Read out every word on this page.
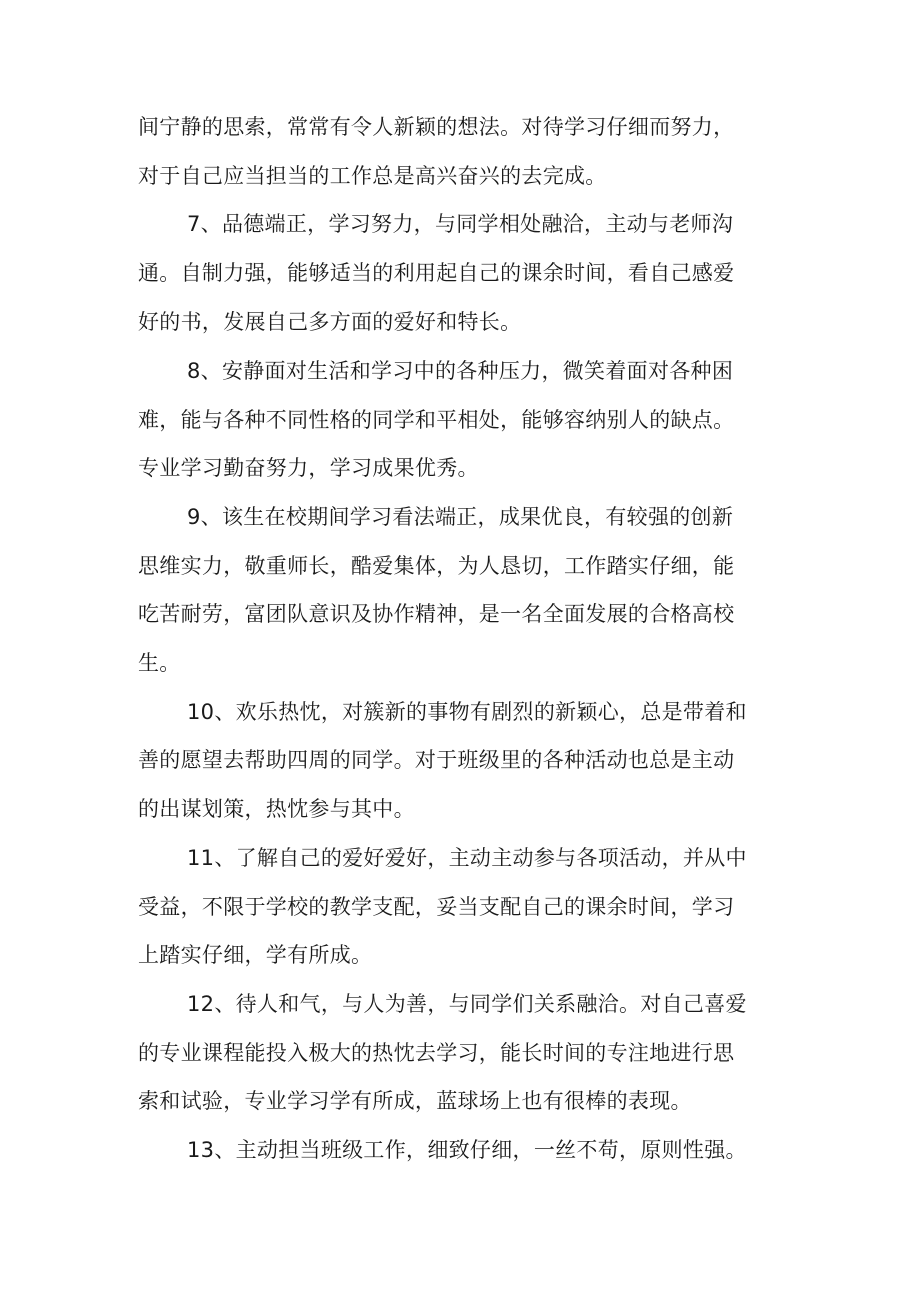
间宁静的思索，常常有令人新颖的想法。对待学习仔细而努力，

对于自己应当担当的工作总是高兴奋兴的去完成。

7、品德端正，学习努力，与同学相处融洽，主动与老师沟

通。自制力强，能够适当的利用起自己的课余时间，看自己感爱

好的书，发展自己多方面的爱好和特长。

8、安静面对生活和学习中的各种压力，微笑着面对各种困

难，能与各种不同性格的同学和平相处，能够容纳别人的缺点。

专业学习勤奋努力，学习成果优秀。

9、该生在校期间学习看法端正，成果优良，有较强的创新

思维实力，敬重师长，酷爱集体，为人恳切，工作踏实仔细，能

吃苦耐劳，富团队意识及协作精神，是一名全面发展的合格高校

生。

10、欢乐热忱，对簇新的事物有剧烈的新颖心，总是带着和

善的愿望去帮助四周的同学。对于班级里的各种活动也总是主动

的出谋划策，热忱参与其中。

11、了解自己的爱好爱好，主动主动参与各项活动，并从中

受益，不限于学校的教学支配，妥当支配自己的课余时间，学习

上踏实仔细，学有所成。

12、待人和气，与人为善，与同学们关系融洽。对自己喜爱

的专业课程能投入极大的热忱去学习，能长时间的专注地进行思

索和试验，专业学习学有所成，蓝球场上也有很棒的表现。

13、主动担当班级工作，细致仔细，一丝不苟，原则性强。
